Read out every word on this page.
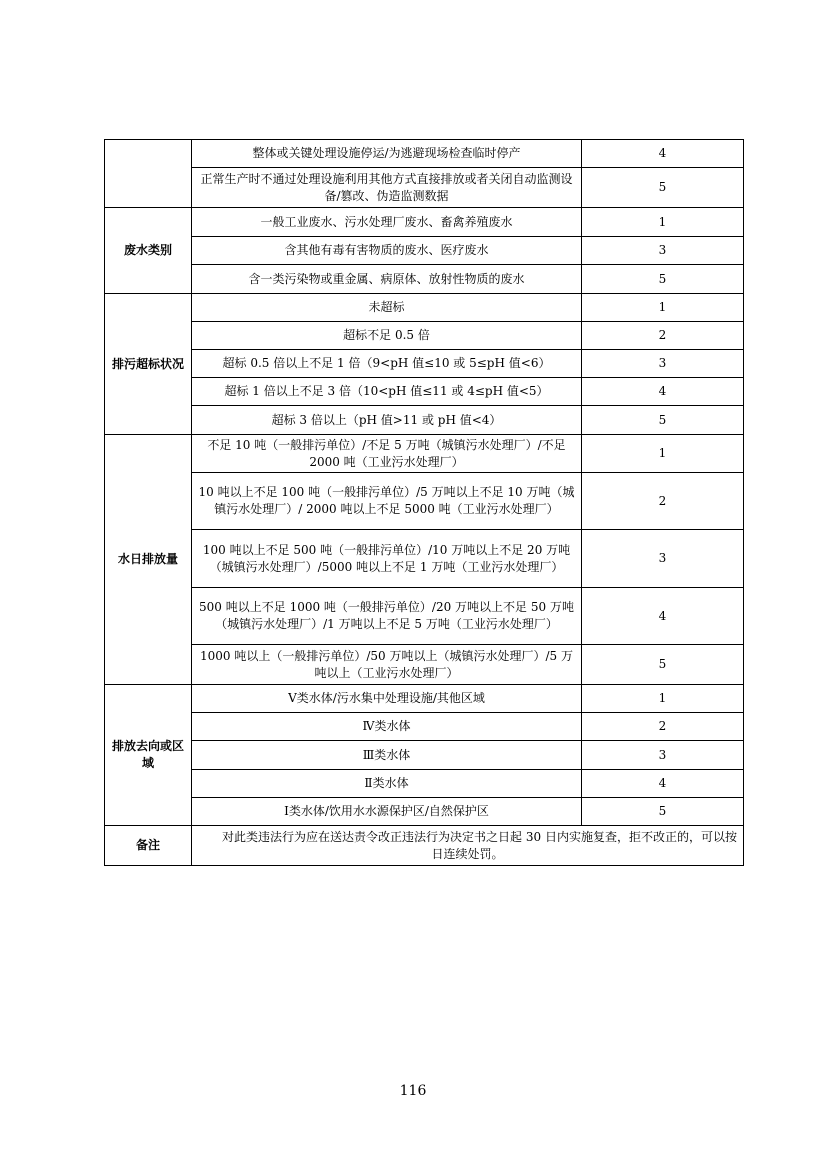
	整体或关键处理设施停运/为逃避现场检查临时停产	4
	正常生产时不通过处理设施利用其他方式直接排放或者关闭自动监测设备/篡改、伪造监测数据	5
废水类别	一般工业废水、污水处理厂废水、畜禽养殖废水	1
	含其他有毒有害物质的废水、医疗废水	3
	含一类污染物或重金属、病原体、放射性物质的废水	5
排污超标状况	未超标	1
	超标不足 0.5 倍	2
	超标 0.5 倍以上不足 1 倍（9<pH 值≤10 或 5≤pH 值<6）	3
	超标 1 倍以上不足 3 倍（10<pH 值≤11 或 4≤pH 值<5）	4
	超标 3 倍以上（pH 值>11 或 pH 值<4）	5
水日排放量	不足 10 吨（一般排污单位）/不足 5 万吨（城镇污水处理厂）/不足 2000 吨（工业污水处理厂）	1
	10 吨以上不足 100 吨（一般排污单位）/5 万吨以上不足 10 万吨（城镇污水处理厂）/ 2000 吨以上不足 5000 吨（工业污水处理厂）	2
	100 吨以上不足 500 吨（一般排污单位）/10 万吨以上不足 20 万吨（城镇污水处理厂）/5000 吨以上不足 1 万吨（工业污水处理厂）	3
	500 吨以上不足 1000 吨（一般排污单位）/20 万吨以上不足 50 万吨（城镇污水处理厂）/1 万吨以上不足 5 万吨（工业污水处理厂）	4
	1000 吨以上（一般排污单位）/50 万吨以上（城镇污水处理厂）/5 万吨以上（工业污水处理厂）	5
排放去向或区域	Ⅴ类水体/污水集中处理设施/其他区域	1
	Ⅳ类水体	2
	Ⅲ类水体	3
	Ⅱ类水体	4
	Ⅰ类水体/饮用水水源保护区/自然保护区	5
备注	对此类违法行为应在送达责令改正违法行为决定书之日起 30 日内实施复查，拒不改正的，可以按日连续处罚。	
116
